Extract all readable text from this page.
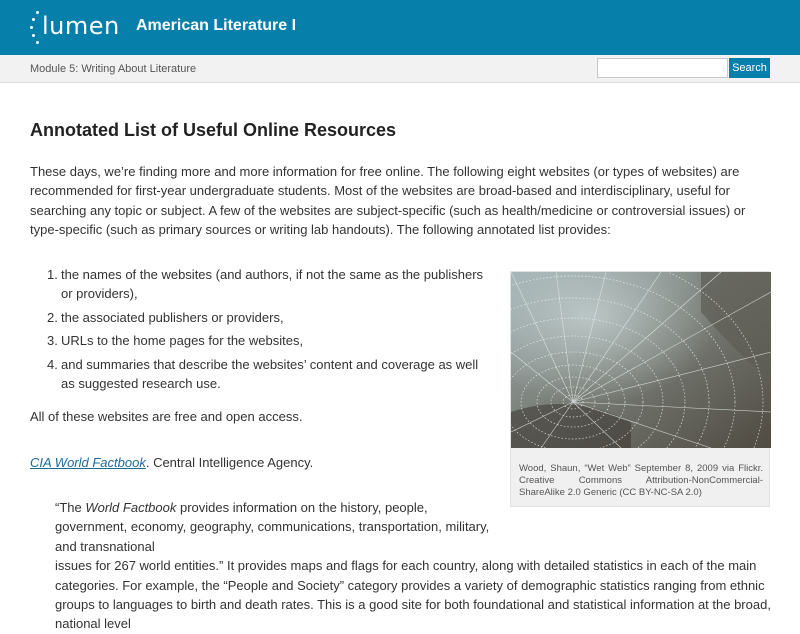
lumen American Literature I
Module 5: Writing About Literature	Search
Annotated List of Useful Online Resources

These days, we’re finding more and more information for free online. The following eight websites (or types of websites) are recommended for first-year undergraduate students. Most of the websites are broad-based and interdisciplinary, useful for searching any topic or subject. A few of the websites are subject-specific (such as health/medicine or controversial issues) or type-specific (such as primary sources or writing lab handouts). The following annotated list provides:

1. the names of the websites (and authors, if not the same as the publishers or providers),
2. the associated publishers or providers,
3. URLs to the home pages for the websites,
4. and summaries that describe the websites’ content and coverage as well as suggested research use.

All of these websites are free and open access.

CIA World Factbook. Central Intelligence Agency.

“The World Factbook provides information on the history, people, government, economy, geography, communications, transportation, military, and transnational
issues for 267 world entities.” It provides maps and flags for each country, along with detailed statistics in each of the main categories. For example, the “People and Society” category provides a variety of demographic statistics ranging from ethnic groups to languages to birth and death rates. This is a good site for both foundational and statistical information at the broad, national level
Wood, Shaun, “Wet Web” September 8, 2009 via Flickr. Creative Commons Attribution-NonCommercial-ShareAlike 2.0 Generic (CC BY-NC-SA 2.0)
